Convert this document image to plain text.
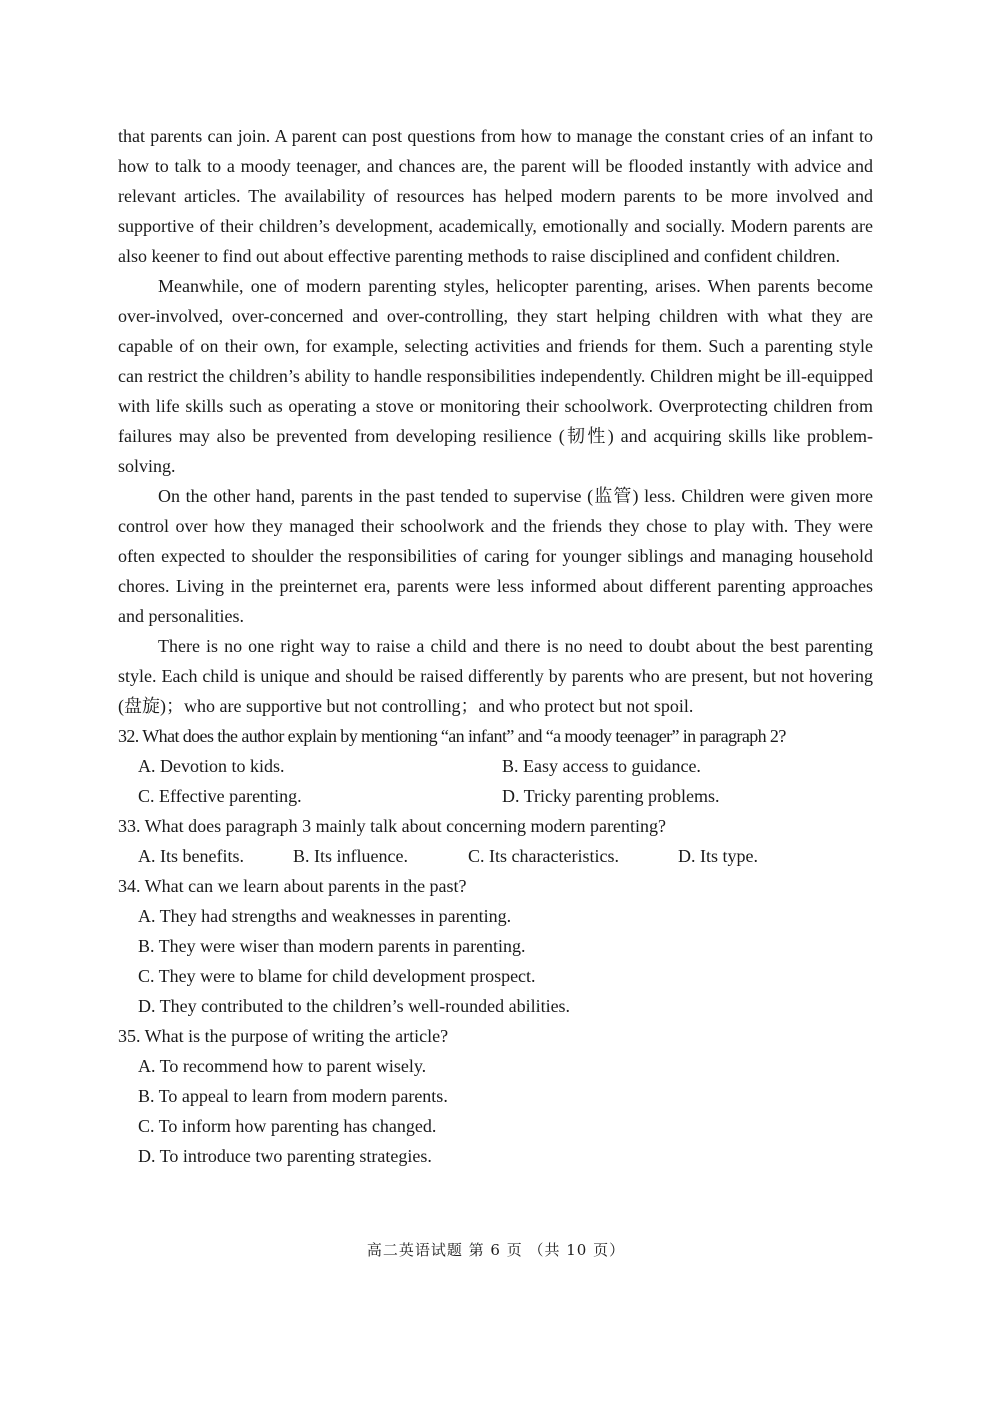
that parents can join. A parent can post questions from how to manage the constant cries of an infant to how to talk to a moody teenager, and chances are, the parent will be flooded instantly with advice and relevant articles. The availability of resources has helped modern parents to be more involved and supportive of their children’s development, academically, emotionally and socially. Modern parents are also keener to find out about effective parenting methods to raise disciplined and confident children.

Meanwhile, one of modern parenting styles, helicopter parenting, arises. When parents become over-involved, over-concerned and over-controlling, they start helping children with what they are capable of on their own, for example, selecting activities and friends for them. Such a parenting style can restrict the children’s ability to handle responsibilities independently. Children might be ill-equipped with life skills such as operating a stove or monitoring their schoolwork. Overprotecting children from failures may also be prevented from developing resilience (韧性) and acquiring skills like problem-solving.

On the other hand, parents in the past tended to supervise (监管) less. Children were given more control over how they managed their schoolwork and the friends they chose to play with. They were often expected to shoulder the responsibilities of caring for younger siblings and managing household chores. Living in the preinternet era, parents were less informed about different parenting approaches and personalities.

There is no one right way to raise a child and there is no need to doubt about the best parenting style. Each child is unique and should be raised differently by parents who are present, but not hovering (盘旋)；who are supportive but not controlling；and who protect but not spoil.

32. What does the author explain by mentioning “an infant” and “a moody teenager” in paragraph 2?

A. Devotion to kids.	B. Easy access to guidance.
C. Effective parenting.	D. Tricky parenting problems.

33. What does paragraph 3 mainly talk about concerning modern parenting?

A. Its benefits.	B. Its influence.	C. Its characteristics.	D. Its type.

34. What can we learn about parents in the past?

A. They had strengths and weaknesses in parenting.

B. They were wiser than modern parents in parenting.

C. They were to blame for child development prospect.

D. They contributed to the children’s well-rounded abilities.

35. What is the purpose of writing the article?

A. To recommend how to parent wisely.

B. To appeal to learn from modern parents.

C. To inform how parenting has changed.

D. To introduce two parenting strategies.

高二英语试题 第 6 页 （共 10 页）
